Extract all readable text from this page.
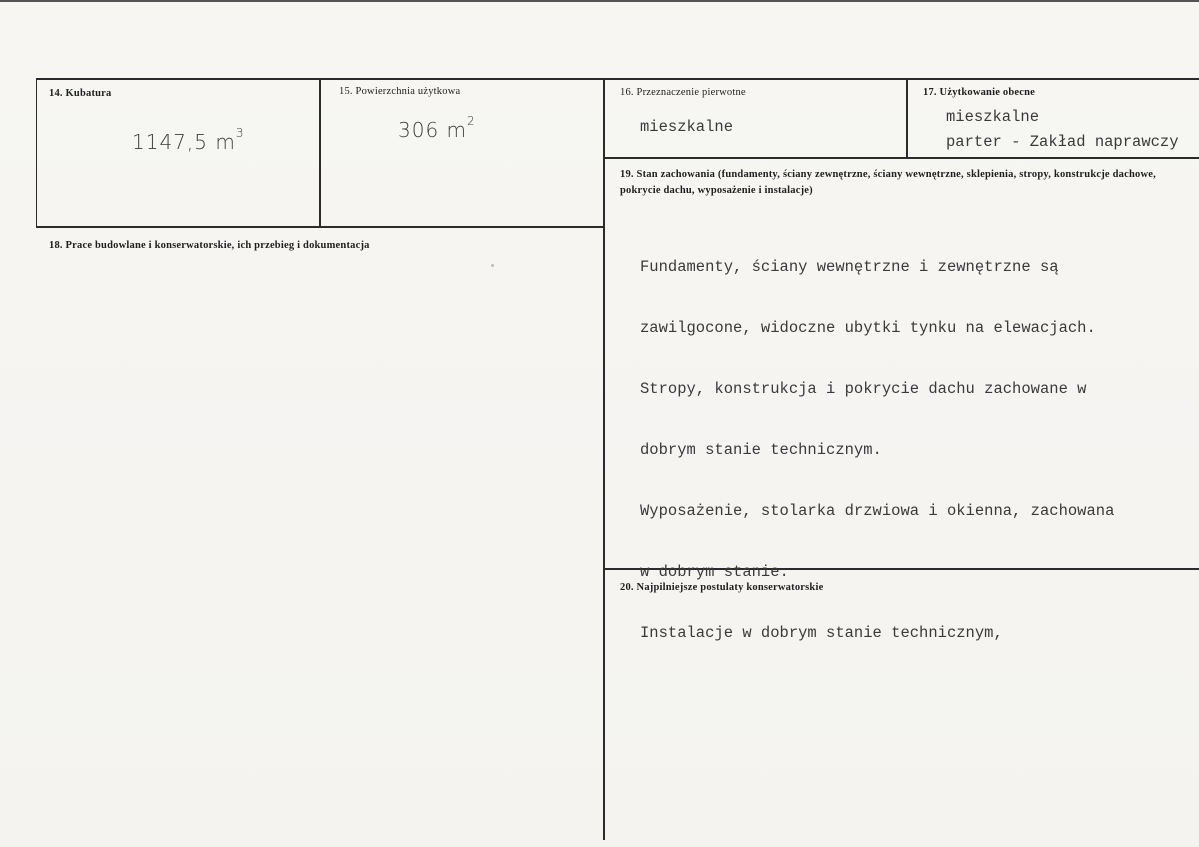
14. Kubatura
1147,5 $m^3$
15. Powierzchnia użytkowa
306 $m^2$
16. Przeznaczenie pierwotne
mieszkalne
17. Użytkowanie obecne
mieszkalne
parter - Zakład naprawczy
18. Prace budowlane i konserwatorskie, ich przebieg i dokumentacja
19. Stan zachowania (fundamenty, ściany zewnętrzne, ściany wewnętrzne, sklepienia, stropy, konstrukcje dachowe, pokrycie dachu, wyposażenie i instalacje)

Fundamenty, ściany wewnętrzne i zewnętrzne są

zawilgocone, widoczne ubytki tynku na elewacjach.

Stropy, konstrukcja i pokrycie dachu zachowane w

dobrym stanie technicznym.

Wyposażenie, stolarka drzwiowa i okienna, zachowana

w dobrym stanie.

Instalacje w dobrym stanie technicznym,

20. Najpilniejsze postulaty konserwatorskie
